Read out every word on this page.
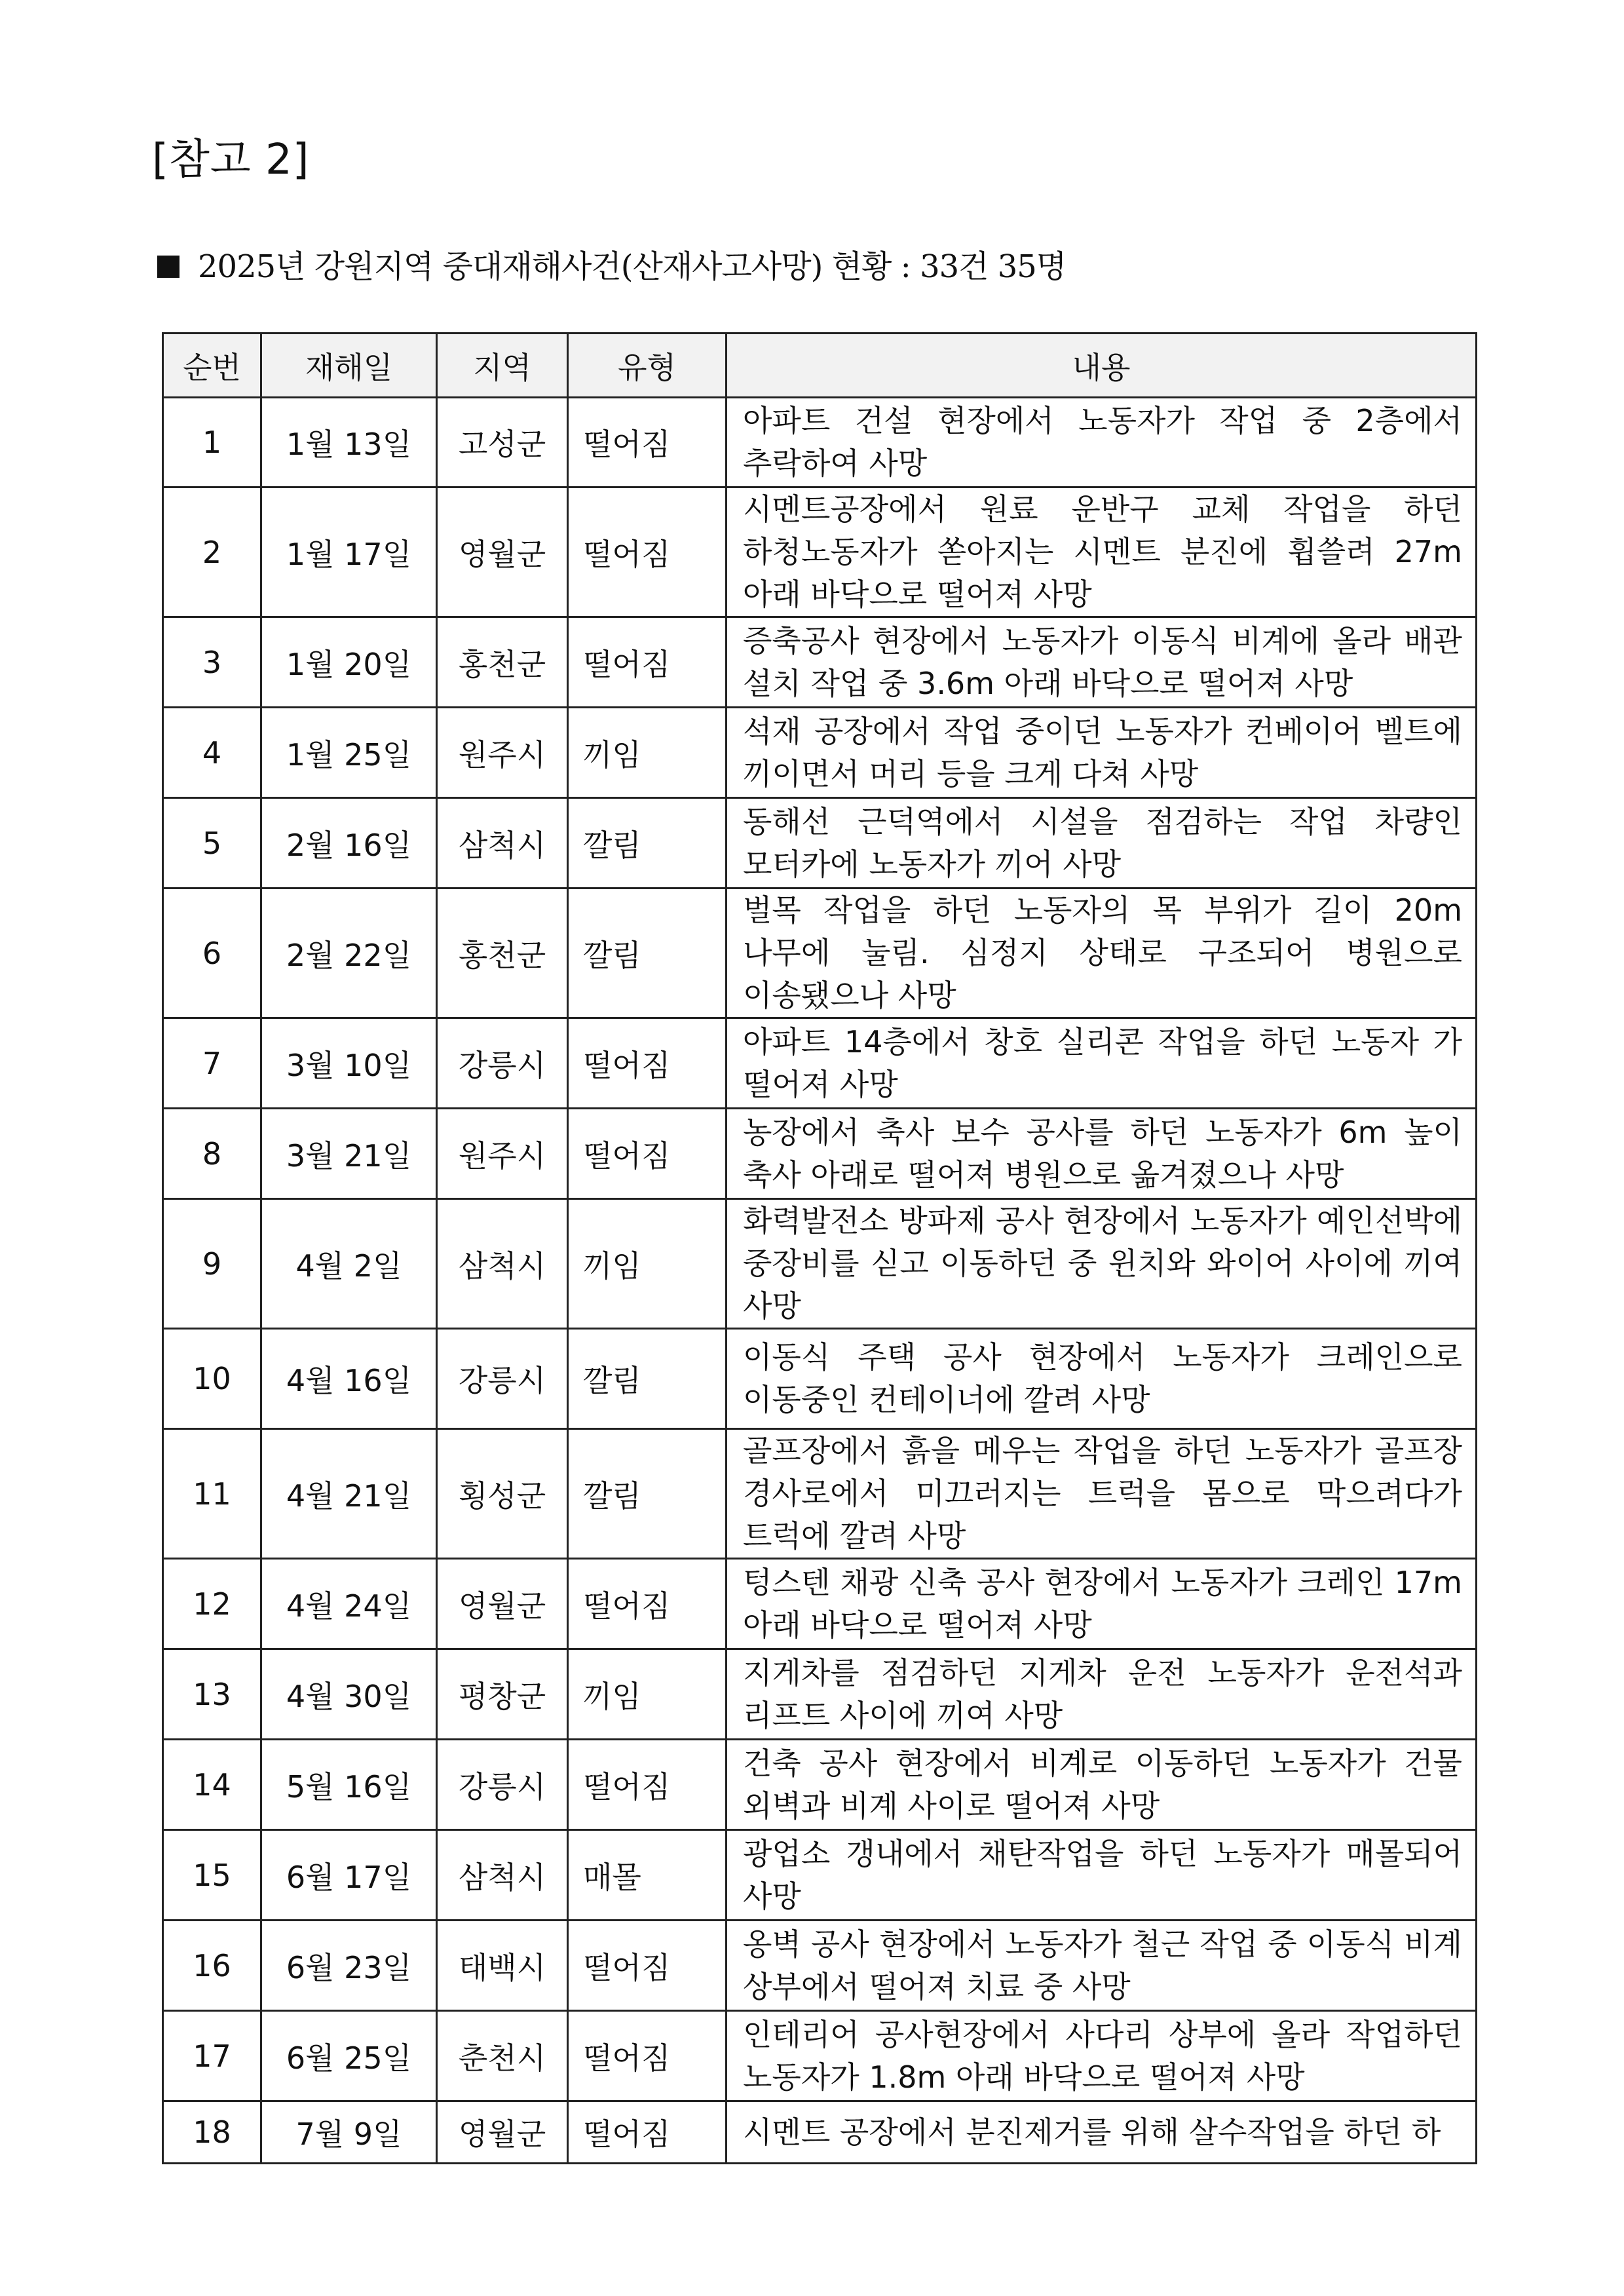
[참고 2]
2025년 강원지역 중대재해사건(산재사고사망) 현황 : 33건 35명
순번	재해일	지역	유형	내용
1	1월 13일	고성군	떨어짐	아파트 건설 현장에서 노동자가 작업 중 2층에서 추락하여 사망
2	1월 17일	영월군	떨어짐	시멘트공장에서 원료 운반구 교체 작업을 하던 하청노동자가 쏟아지는 시멘트 분진에 휩쓸려 27m 아래 바닥으로 떨어져 사망
3	1월 20일	홍천군	떨어짐	증축공사 현장에서 노동자가 이동식 비계에 올라 배관 설치 작업 중 3.6m 아래 바닥으로 떨어져 사망
4	1월 25일	원주시	끼임	석재 공장에서 작업 중이던 노동자가 컨베이어 벨트에 끼이면서 머리 등을 크게 다쳐 사망
5	2월 16일	삼척시	깔림	동해선 근덕역에서 시설을 점검하는 작업 차량인 모터카에 노동자가 끼어 사망
6	2월 22일	홍천군	깔림	벌목 작업을 하던 노동자의 목 부위가 길이 20m 나무에 눌림. 심정지 상태로 구조되어 병원으로 이송됐으나 사망
7	3월 10일	강릉시	떨어짐	아파트 14층에서 창호 실리콘 작업을 하던 노동자 가 떨어져 사망
8	3월 21일	원주시	떨어짐	농장에서 축사 보수 공사를 하던 노동자가 6m 높이 축사 아래로 떨어져 병원으로 옮겨졌으나 사망
9	4월 2일	삼척시	끼임	화력발전소 방파제 공사 현장에서 노동자가 예인선박에 중장비를 싣고 이동하던 중 윈치와 와이어 사이에 끼여 사망
10	4월 16일	강릉시	깔림	이동식 주택 공사 현장에서 노동자가 크레인으로 이동중인 컨테이너에 깔려 사망
11	4월 21일	횡성군	깔림	골프장에서 흙을 메우는 작업을 하던 노동자가 골프장 경사로에서 미끄러지는 트럭을 몸으로 막으려다가 트럭에 깔려 사망
12	4월 24일	영월군	떨어짐	텅스텐 채광 신축 공사 현장에서 노동자가 크레인 17m 아래 바닥으로 떨어져 사망
13	4월 30일	평창군	끼임	지게차를 점검하던 지게차 운전 노동자가 운전석과 리프트 사이에 끼여 사망
14	5월 16일	강릉시	떨어짐	건축 공사 현장에서 비계로 이동하던 노동자가 건물 외벽과 비계 사이로 떨어져 사망
15	6월 17일	삼척시	매몰	광업소 갱내에서 채탄작업을 하던 노동자가 매몰되어 사망
16	6월 23일	태백시	떨어짐	옹벽 공사 현장에서 노동자가 철근 작업 중 이동식 비계 상부에서 떨어져 치료 중 사망
17	6월 25일	춘천시	떨어짐	인테리어 공사현장에서 사다리 상부에 올라 작업하던 노동자가 1.8m 아래 바닥으로 떨어져 사망
18	7월 9일	영월군	떨어짐	시멘트 공장에서 분진제거를 위해 살수작업을 하던 하
